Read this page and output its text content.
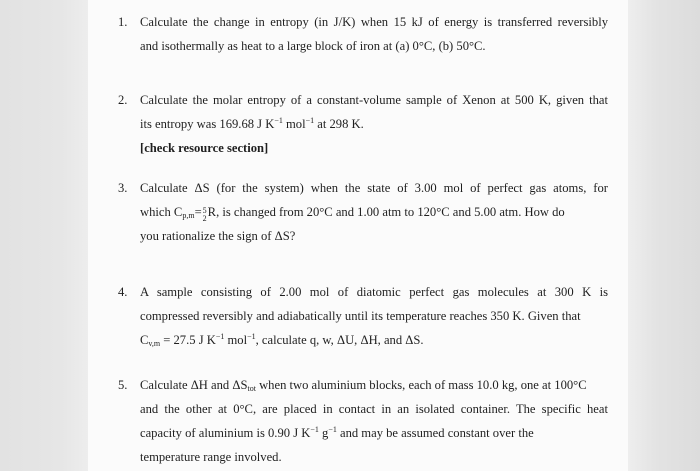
1. Calculate the change in entropy (in J/K) when 15 kJ of energy is transferred reversibly
and isothermally as heat to a large block of iron at (a) 0°C, (b) 50°C.
2. Calculate the molar entropy of a constant-volume sample of Xenon at 500 K, given that
its entropy was 169.68 J $K^{-1}$ mol$^{-1}$ at 298 K.
[check resource section]
3. Calculate ΔS (for the system) when the state of 3.00 mol of perfect gas atoms, for
which $C_{p,m}= 5$
2 R, is changed from 20°C and 1.00 atm to 120°C and 5.00 atm. How do
you rationalize the sign of ΔS?
4. A sample consisting of 2.00 mol of diatomic perfect gas molecules at 300 K is
compressed reversibly and adiabatically until its temperature reaches 350 K. Given that
$C_{v,m} = 27.5$ J $K^{-1}$ mol$^{-1}$, calculate q, w, ΔU, ΔH, and ΔS.
5. Calculate ΔH and $\Delta S_{tot}$ when two aluminium blocks, each of mass 10.0 kg, one at 100°C
and the other at 0°C, are placed in contact in an isolated container. The specific heat
capacity of aluminium is 0.90 J $K^{-1}$ $g^{-1}$ and may be assumed constant over the
temperature range involved.
